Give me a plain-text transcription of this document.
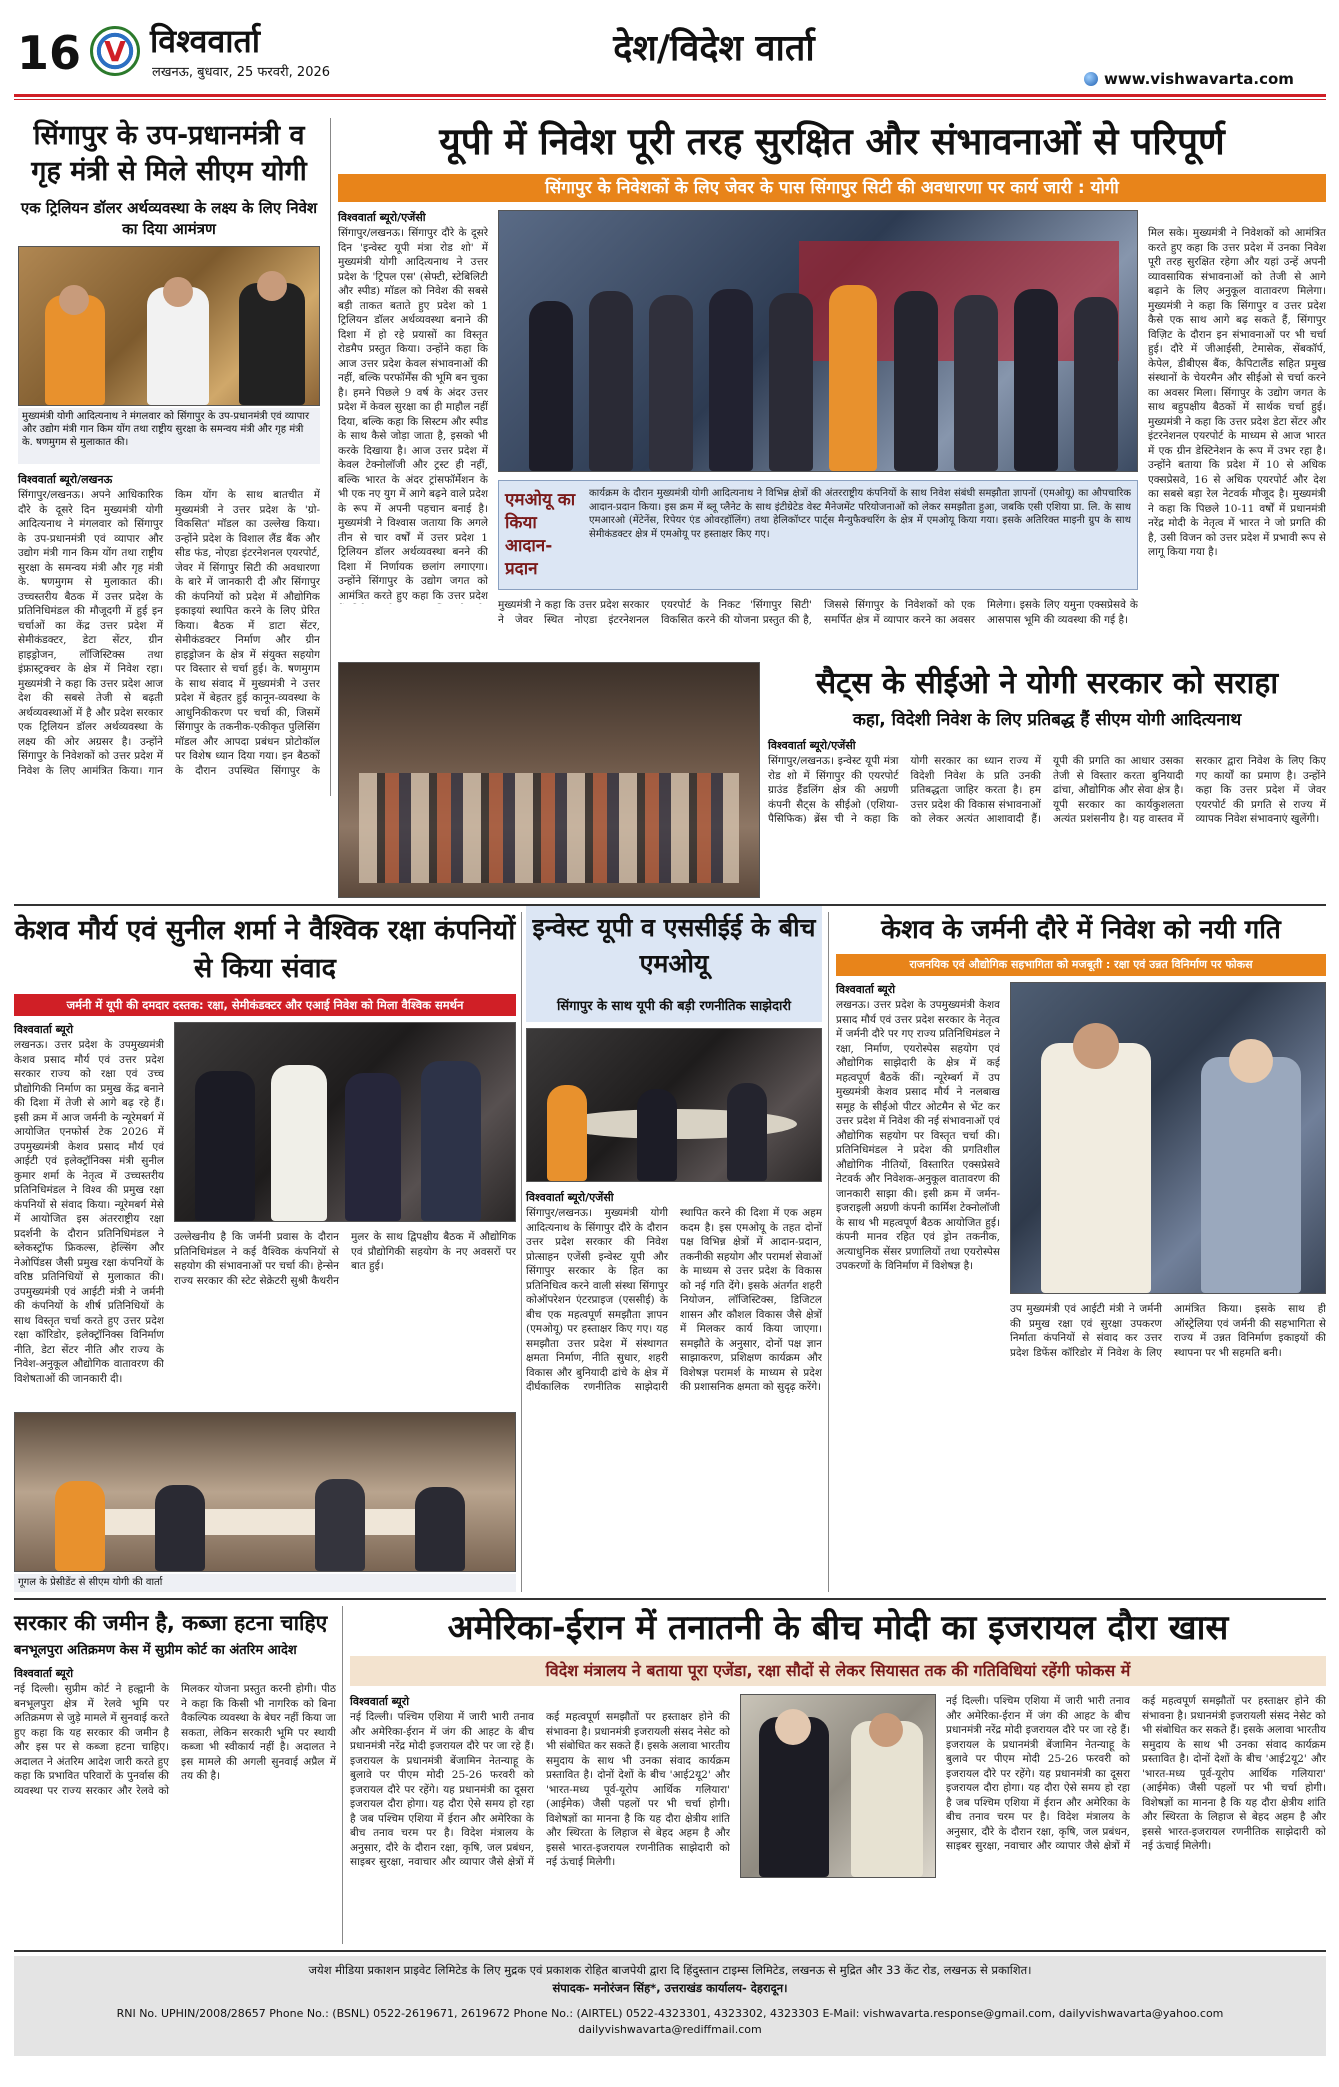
16 V विश्ववार्ता
लखनऊ, बुधवार, 25 फरवरी, 2026
देश/विदेश वार्ता
www.vishwavarta.com
सिंगापुर के उप-प्रधानमंत्री व गृह मंत्री से मिले सीएम योगी
एक ट्रिलियन डॉलर अर्थव्यवस्था के लक्ष्य के लिए निवेश का दिया आमंत्रण
मुख्यमंत्री योगी आदित्यनाथ ने मंगलवार को सिंगापुर के उप-प्रधानमंत्री एवं व्यापार और उद्योग मंत्री गान किम योंग तथा राष्ट्रीय सुरक्षा के समन्वय मंत्री और गृह मंत्री के. षणमुगम से मुलाकात की।
विश्ववार्ता ब्यूरो/लखनऊ
सिंगापुर/लखनऊ। अपने आधिकारिक दौरे के दूसरे दिन मुख्यमंत्री योगी आदित्यनाथ ने मंगलवार को सिंगापुर के उप-प्रधानमंत्री एवं व्यापार और उद्योग मंत्री गान किम योंग तथा राष्ट्रीय सुरक्षा के समन्वय मंत्री और गृह मंत्री के. षणमुगम से मुलाकात की। उच्चस्तरीय बैठक में उत्तर प्रदेश के प्रतिनिधिमंडल की मौजूदगी में हुई इन चर्चाओं का केंद्र उत्तर प्रदेश में सेमीकंडक्टर, डेटा सेंटर, ग्रीन हाइड्रोजन, लॉजिस्टिक्स तथा इंफ्रास्ट्रक्चर के क्षेत्र में निवेश रहा। मुख्यमंत्री ने कहा कि उत्तर प्रदेश आज देश की सबसे तेजी से बढ़ती अर्थव्यवस्थाओं में है और प्रदेश सरकार एक ट्रिलियन डॉलर अर्थव्यवस्था के लक्ष्य की ओर अग्रसर है। उन्होंने सिंगापुर के निवेशकों को उत्तर प्रदेश में निवेश के लिए आमंत्रित किया। गान किम योंग के साथ बातचीत में मुख्यमंत्री ने उत्तर प्रदेश के 'ग्रो-विकसित' मॉडल का उल्लेख किया। उन्होंने प्रदेश के विशाल लैंड बैंक और सीड फंड, नोएडा इंटरनेशनल एयरपोर्ट, जेवर में सिंगापुर सिटी की अवधारणा के बारे में जानकारी दी और सिंगापुर की कंपनियों को प्रदेश में औद्योगिक इकाइयां स्थापित करने के लिए प्रेरित किया। बैठक में डाटा सेंटर, सेमीकंडक्टर निर्माण और ग्रीन हाइड्रोजन के क्षेत्र में संयुक्त सहयोग पर विस्तार से चर्चा हुई। के. षणमुगम के साथ संवाद में मुख्यमंत्री ने उत्तर प्रदेश में बेहतर हुई कानून-व्यवस्था के आधुनिकीकरण पर चर्चा की, जिसमें सिंगापुर के तकनीक-एकीकृत पुलिसिंग मॉडल और आपदा प्रबंधन प्रोटोकॉल पर विशेष ध्यान दिया गया। इन बैठकों के दौरान उपस्थित सिंगापुर के
यूपी में निवेश पूरी तरह सुरक्षित और संभावनाओं से परिपूर्ण
सिंगापुर के निवेशकों के लिए जेवर के पास सिंगापुर सिटी की अवधारणा पर कार्य जारी : योगी
विश्ववार्ता ब्यूरो/एजेंसी
सिंगापुर/लखनऊ। सिंगापुर दौरे के दूसरे दिन 'इन्वेस्ट यूपी मंत्रा रोड शो' में मुख्यमंत्री योगी आदित्यनाथ ने उत्तर प्रदेश के 'ट्रिपल एस' (सेफ्टी, स्टेबिलिटी और स्पीड) मॉडल को निवेश की सबसे बड़ी ताकत बताते हुए प्रदेश को 1 ट्रिलियन डॉलर अर्थव्यवस्था बनाने की दिशा में हो रहे प्रयासों का विस्तृत रोडमैप प्रस्तुत किया। उन्होंने कहा कि आज उत्तर प्रदेश केवल संभावनाओं की नहीं, बल्कि परफॉर्मेंस की भूमि बन चुका है। हमने पिछले 9 वर्ष के अंदर उत्तर प्रदेश में केवल सुरक्षा का ही माहौल नहीं दिया, बल्कि कहा कि सिस्टम और स्पीड के साथ कैसे जोड़ा जाता है, इसको भी करके दिखाया है। आज उत्तर प्रदेश में केवल टेक्नोलॉजी और ट्रस्ट ही नहीं, बल्कि भारत के अंदर ट्रांसफॉर्मेशन के भी एक नए युग में आगे बढ़ने वाले प्रदेश के रूप में अपनी पहचान बनाई है। मुख्यमंत्री ने विश्वास जताया कि अगले तीन से चार वर्षों में उत्तर प्रदेश 1 ट्रिलियन डॉलर अर्थव्यवस्था बनने की दिशा में निर्णायक छलांग लगाएगा। उन्होंने सिंगापुर के उद्योग जगत को आमंत्रित करते हुए कहा कि उत्तर प्रदेश
मिल सके। मुख्यमंत्री ने निवेशकों को आमंत्रित करते हुए कहा कि उत्तर प्रदेश में उनका निवेश पूरी तरह सुरक्षित रहेगा और यहां उन्हें अपनी व्यावसायिक संभावनाओं को तेजी से आगे बढ़ाने के लिए अनुकूल वातावरण मिलेगा। मुख्यमंत्री ने कहा कि सिंगापुर व उत्तर प्रदेश कैसे एक साथ आगे बढ़ सकते हैं, सिंगापुर विज़िट के दौरान इन संभावनाओं पर भी चर्चा हुई। दौरे में जीआईसी, टेमासेक, सेंबकॉर्प, केपेल, डीबीएस बैंक, कैपिटालैंड सहित प्रमुख संस्थानों के चेयरमैन और सीईओ से चर्चा करने का अवसर मिला। सिंगापुर के उद्योग जगत के साथ बहुपक्षीय बैठकों में सार्थक चर्चा हुई। मुख्यमंत्री ने कहा कि उत्तर प्रदेश डेटा सेंटर और इंटरनेशनल एयरपोर्ट के माध्यम से आज भारत में एक ग्रीन डेस्टिनेशन के रूप में उभर रहा है। उन्होंने बताया कि प्रदेश में 10 से अधिक एक्सप्रेसवे, 16 से अधिक एयरपोर्ट और देश का सबसे बड़ा रेल नेटवर्क मौजूद है। मुख्यमंत्री ने कहा कि पिछले 10-11 वर्षों में प्रधानमंत्री नरेंद्र मोदी के नेतृत्व में भारत ने जो प्रगति की है, उसी विजन को उत्तर प्रदेश में प्रभावी रूप से लागू किया गया है।
एमओयू का किया आदान-प्रदान
कार्यक्रम के दौरान मुख्यमंत्री योगी आदित्यनाथ ने विभिन्न क्षेत्रों की अंतरराष्ट्रीय कंपनियों के साथ निवेश संबंधी समझौता ज्ञापनों (एमओयू) का औपचारिक आदान-प्रदान किया। इस क्रम में ब्लू प्लैनेट के साथ इंटीग्रेटेड वेस्ट मैनेजमेंट परियोजनाओं को लेकर समझौता हुआ, जबकि एसी एशिया प्रा. लि. के साथ एमआरओ (मेंटेनेंस, रिपेयर एंड ओवरहॉलिंग) तथा हेलिकॉप्टर पार्ट्स मैन्युफैक्चरिंग के क्षेत्र में एमओयू किया गया। इसके अतिरिक्त माइनी ग्रुप के साथ सेमीकंडक्टर क्षेत्र में एमओयू पर हस्ताक्षर किए गए।
मुख्यमंत्री ने कहा कि उत्तर प्रदेश सरकार ने जेवर स्थित नोएडा इंटरनेशनल एयरपोर्ट के निकट 'सिंगापुर सिटी' विकसित करने की योजना प्रस्तुत की है, जिससे सिंगापुर के निवेशकों को एक समर्पित क्षेत्र में व्यापार करने का अवसर मिलेगा। इसके लिए यमुना एक्सप्रेसवे के आसपास भूमि की व्यवस्था की गई है।
सैट्स के सीईओ ने योगी सरकार को सराहा
कहा, विदेशी निवेश के लिए प्रतिबद्ध हैं सीएम योगी आदित्यनाथ
विश्ववार्ता ब्यूरो/एजेंसी
सिंगापुर/लखनऊ। इन्वेस्ट यूपी मंत्रा रोड शो में सिंगापुर की एयरपोर्ट ग्राउंड हैंडलिंग क्षेत्र की अग्रणी कंपनी सैट्स के सीईओ (एशिया-पैसिफिक) ब्रेंस ची ने कहा कि योगी सरकार का ध्यान राज्य में विदेशी निवेश के प्रति उनकी प्रतिबद्धता जाहिर करता है। हम उत्तर प्रदेश की विकास संभावनाओं को लेकर अत्यंत आशावादी हैं। यूपी की प्रगति का आधार उसका तेजी से विस्तार करता बुनियादी ढांचा, औद्योगिक और सेवा क्षेत्र है। यूपी सरकार का कार्यकुशलता अत्यंत प्रशंसनीय है। यह वास्तव में सरकार द्वारा निवेश के लिए किए गए कार्यों का प्रमाण है। उन्होंने कहा कि उत्तर प्रदेश में जेवर एयरपोर्ट की प्रगति से राज्य में व्यापक निवेश संभावनाएं खुलेंगी।
केशव मौर्य एवं सुनील शर्मा ने वैश्विक रक्षा कंपनियों से किया संवाद
जर्मनी में यूपी की दमदार दस्तक: रक्षा, सेमीकंडक्टर और एआई निवेश को मिला वैश्विक समर्थन
विश्ववार्ता ब्यूरो
लखनऊ। उत्तर प्रदेश के उपमुख्यमंत्री केशव प्रसाद मौर्य एवं उत्तर प्रदेश सरकार राज्य को रक्षा एवं उच्च प्रौद्योगिकी निर्माण का प्रमुख केंद्र बनाने की दिशा में तेजी से आगे बढ़ रहे हैं। इसी क्रम में आज जर्मनी के न्यूरेमबर्ग में आयोजित एनफोर्स टेक 2026 में उपमुख्यमंत्री केशव प्रसाद मौर्य एवं आईटी एवं इलेक्ट्रॉनिक्स मंत्री सुनील कुमार शर्मा के नेतृत्व में उच्चस्तरीय प्रतिनिधिमंडल ने विश्व की प्रमुख रक्षा कंपनियों से संवाद किया। न्यूरेमबर्ग मेसे में आयोजित इस अंतरराष्ट्रीय रक्षा प्रदर्शनी के दौरान प्रतिनिधिमंडल ने ब्लेकस्ट्रॉफ फ्रिकल्स, हेल्सिंग और नेओपिंडस जैसी प्रमुख रक्षा कंपनियों के वरिष्ठ प्रतिनिधियों से मुलाकात की। उपमुख्यमंत्री एवं आईटी मंत्री ने जर्मनी की कंपनियों के शीर्ष प्रतिनिधियों के साथ विस्तृत चर्चा करते हुए उत्तर प्रदेश रक्षा कॉरिडोर, इलेक्ट्रॉनिक्स विनिर्माण नीति, डेटा सेंटर नीति और राज्य के निवेश-अनुकूल औद्योगिक वातावरण की विशेषताओं की जानकारी दी।
उल्लेखनीय है कि जर्मनी प्रवास के दौरान प्रतिनिधिमंडल ने कई वैश्विक कंपनियों से सहयोग की संभावनाओं पर चर्चा की। हेन्सेन राज्य सरकार की स्टेट सेक्रेटरी सुश्री कैथरीन मुलर के साथ द्विपक्षीय बैठक में औद्योगिक एवं प्रौद्योगिकी सहयोग के नए अवसरों पर बात हुई।
गूगल के प्रेसीडेंट से सीएम योगी की वार्ता
इन्वेस्ट यूपी व एससीईई के बीच एमओयू
सिंगापुर के साथ यूपी की बड़ी रणनीतिक साझेदारी
विश्ववार्ता ब्यूरो/एजेंसी
सिंगापुर/लखनऊ। मुख्यमंत्री योगी आदित्यनाथ के सिंगापुर दौरे के दौरान उत्तर प्रदेश सरकार की निवेश प्रोत्साहन एजेंसी इन्वेस्ट यूपी और सिंगापुर सरकार के हित का प्रतिनिधित्व करने वाली संस्था सिंगापुर कोऑपरेशन एंटरप्राइज (एससीई) के बीच एक महत्वपूर्ण समझौता ज्ञापन (एमओयू) पर हस्ताक्षर किए गए। यह समझौता उत्तर प्रदेश में संस्थागत क्षमता निर्माण, नीति सुधार, शहरी विकास और बुनियादी ढांचे के क्षेत्र में दीर्घकालिक रणनीतिक साझेदारी स्थापित करने की दिशा में एक अहम कदम है। इस एमओयू के तहत दोनों पक्ष विभिन्न क्षेत्रों में आदान-प्रदान, तकनीकी सहयोग और परामर्श सेवाओं के माध्यम से उत्तर प्रदेश के विकास को नई गति देंगे। इसके अंतर्गत शहरी नियोजन, लॉजिस्टिक्स, डिजिटल शासन और कौशल विकास जैसे क्षेत्रों में मिलकर कार्य किया जाएगा। समझौते के अनुसार, दोनों पक्ष ज्ञान साझाकरण, प्रशिक्षण कार्यक्रम और विशेषज्ञ परामर्श के माध्यम से प्रदेश की प्रशासनिक क्षमता को सुदृढ़ करेंगे।
केशव के जर्मनी दौरे में निवेश को नयी गति
राजनयिक एवं औद्योगिक सहभागिता को मजबूती : रक्षा एवं उन्नत विनिर्माण पर फोकस
विश्ववार्ता ब्यूरो
लखनऊ। उत्तर प्रदेश के उपमुख्यमंत्री केशव प्रसाद मौर्य एवं उत्तर प्रदेश सरकार के नेतृत्व में जर्मनी दौरे पर गए राज्य प्रतिनिधिमंडल ने रक्षा, निर्माण, एयरोस्पेस सहयोग एवं औद्योगिक साझेदारी के क्षेत्र में कई महत्वपूर्ण बैठकें कीं। न्यूरेम्बर्ग में उप मुख्यमंत्री केशव प्रसाद मौर्य ने नलबाख समूह के सीईओ पीटर ओटमैन से भेंट कर उत्तर प्रदेश में निवेश की नई संभावनाओं एवं औद्योगिक सहयोग पर विस्तृत चर्चा की। प्रतिनिधिमंडल ने प्रदेश की प्रगतिशील औद्योगिक नीतियों, विस्तारित एक्सप्रेसवे नेटवर्क और निवेशक-अनुकूल वातावरण की जानकारी साझा की। इसी क्रम में जर्मन-इजराइली अग्रणी कंपनी कार्मिश टेक्नोलॉजी के साथ भी महत्वपूर्ण बैठक आयोजित हुई। कंपनी मानव रहित एवं ड्रोन तकनीक, अत्याधुनिक सेंसर प्रणालियों तथा एयरोस्पेस उपकरणों के विनिर्माण में विशेषज्ञ है।
उप मुख्यमंत्री एवं आईटी मंत्री ने जर्मनी की प्रमुख रक्षा एवं सुरक्षा उपकरण निर्माता कंपनियों से संवाद कर उत्तर प्रदेश डिफेंस कॉरिडोर में निवेश के लिए आमंत्रित किया। इसके साथ ही ऑस्ट्रेलिया एवं जर्मनी की सहभागिता से राज्य में उन्नत विनिर्माण इकाइयों की स्थापना पर भी सहमति बनी।
सरकार की जमीन है, कब्जा हटना चाहिए
बनभूलपुरा अतिक्रमण केस में सुप्रीम कोर्ट का अंतरिम आदेश
विश्ववार्ता ब्यूरो
नई दिल्ली। सुप्रीम कोर्ट ने हल्द्वानी के बनभूलपुरा क्षेत्र में रेलवे भूमि पर अतिक्रमण से जुड़े मामले में सुनवाई करते हुए कहा कि यह सरकार की जमीन है और इस पर से कब्जा हटना चाहिए। अदालत ने अंतरिम आदेश जारी करते हुए कहा कि प्रभावित परिवारों के पुनर्वास की व्यवस्था पर राज्य सरकार और रेलवे को मिलकर योजना प्रस्तुत करनी होगी। पीठ ने कहा कि किसी भी नागरिक को बिना वैकल्पिक व्यवस्था के बेघर नहीं किया जा सकता, लेकिन सरकारी भूमि पर स्थायी कब्जा भी स्वीकार्य नहीं है। अदालत ने इस मामले की अगली सुनवाई अप्रैल में तय की है।
अमेरिका-ईरान में तनातनी के बीच मोदी का इजरायल दौरा खास
विदेश मंत्रालय ने बताया पूरा एजेंडा, रक्षा सौदों से लेकर सियासत तक की गतिविधियां रहेंगी फोकस में
विश्ववार्ता ब्यूरो
नई दिल्ली। पश्चिम एशिया में जारी भारी तनाव और अमेरिका-ईरान में जंग की आहट के बीच प्रधानमंत्री नरेंद्र मोदी इजरायल दौरे पर जा रहे हैं। इजरायल के प्रधानमंत्री बेंजामिन नेतन्याहू के बुलावे पर पीएम मोदी 25-26 फरवरी को इजरायल दौरे पर रहेंगे। यह प्रधानमंत्री का दूसरा इजरायल दौरा होगा। यह दौरा ऐसे समय हो रहा है जब पश्चिम एशिया में ईरान और अमेरिका के बीच तनाव चरम पर है। विदेश मंत्रालय के अनुसार, दौरे के दौरान रक्षा, कृषि, जल प्रबंधन, साइबर सुरक्षा, नवाचार और व्यापार जैसे क्षेत्रों में कई महत्वपूर्ण समझौतों पर हस्ताक्षर होने की संभावना है। प्रधानमंत्री इजरायली संसद नेसेट को भी संबोधित कर सकते हैं। इसके अलावा भारतीय समुदाय के साथ भी उनका संवाद कार्यक्रम प्रस्तावित है। दोनों देशों के बीच 'आई2यू2' और 'भारत-मध्य पूर्व-यूरोप आर्थिक गलियारा' (आईमेक) जैसी पहलों पर भी चर्चा होगी। विशेषज्ञों का मानना है कि यह दौरा क्षेत्रीय शांति और स्थिरता के लिहाज से बेहद अहम है और इससे भारत-इजरायल रणनीतिक साझेदारी को नई ऊंचाई मिलेगी।
नई दिल्ली। पश्चिम एशिया में जारी भारी तनाव और अमेरिका-ईरान में जंग की आहट के बीच प्रधानमंत्री नरेंद्र मोदी इजरायल दौरे पर जा रहे हैं। इजरायल के प्रधानमंत्री बेंजामिन नेतन्याहू के बुलावे पर पीएम मोदी 25-26 फरवरी को इजरायल दौरे पर रहेंगे। यह प्रधानमंत्री का दूसरा इजरायल दौरा होगा। यह दौरा ऐसे समय हो रहा है जब पश्चिम एशिया में ईरान और अमेरिका के बीच तनाव चरम पर है। विदेश मंत्रालय के अनुसार, दौरे के दौरान रक्षा, कृषि, जल प्रबंधन, साइबर सुरक्षा, नवाचार और व्यापार जैसे क्षेत्रों में कई महत्वपूर्ण समझौतों पर हस्ताक्षर होने की संभावना है। प्रधानमंत्री इजरायली संसद नेसेट को भी संबोधित कर सकते हैं। इसके अलावा भारतीय समुदाय के साथ भी उनका संवाद कार्यक्रम प्रस्तावित है। दोनों देशों के बीच 'आई2यू2' और 'भारत-मध्य पूर्व-यूरोप आर्थिक गलियारा' (आईमेक) जैसी पहलों पर भी चर्चा होगी। विशेषज्ञों का मानना है कि यह दौरा क्षेत्रीय शांति और स्थिरता के लिहाज से बेहद अहम है और इससे भारत-इजरायल रणनीतिक साझेदारी को नई ऊंचाई मिलेगी।
जयेश मीडिया प्रकाशन प्राइवेट लिमिटेड के लिए मुद्रक एवं प्रकाशक रोहित बाजपेयी द्वारा दि हिंदुस्तान टाइम्स लिमिटेड, लखनऊ से मुद्रित और 33 केंट रोड, लखनऊ से प्रकाशित।
संपादक- मनोरंजन सिंह*, उत्तराखंड कार्यालय- देहरादून।
RNI No. UPHIN/2008/28657 Phone No.: (BSNL) 0522-2619671, 2619672 Phone No.: (AIRTEL) 0522-4323301, 4323302, 4323303 E-Mail: vishwavarta.response@gmail.com, dailyvishwavarta@yahoo.com dailyvishwavarta@rediffmail.com
